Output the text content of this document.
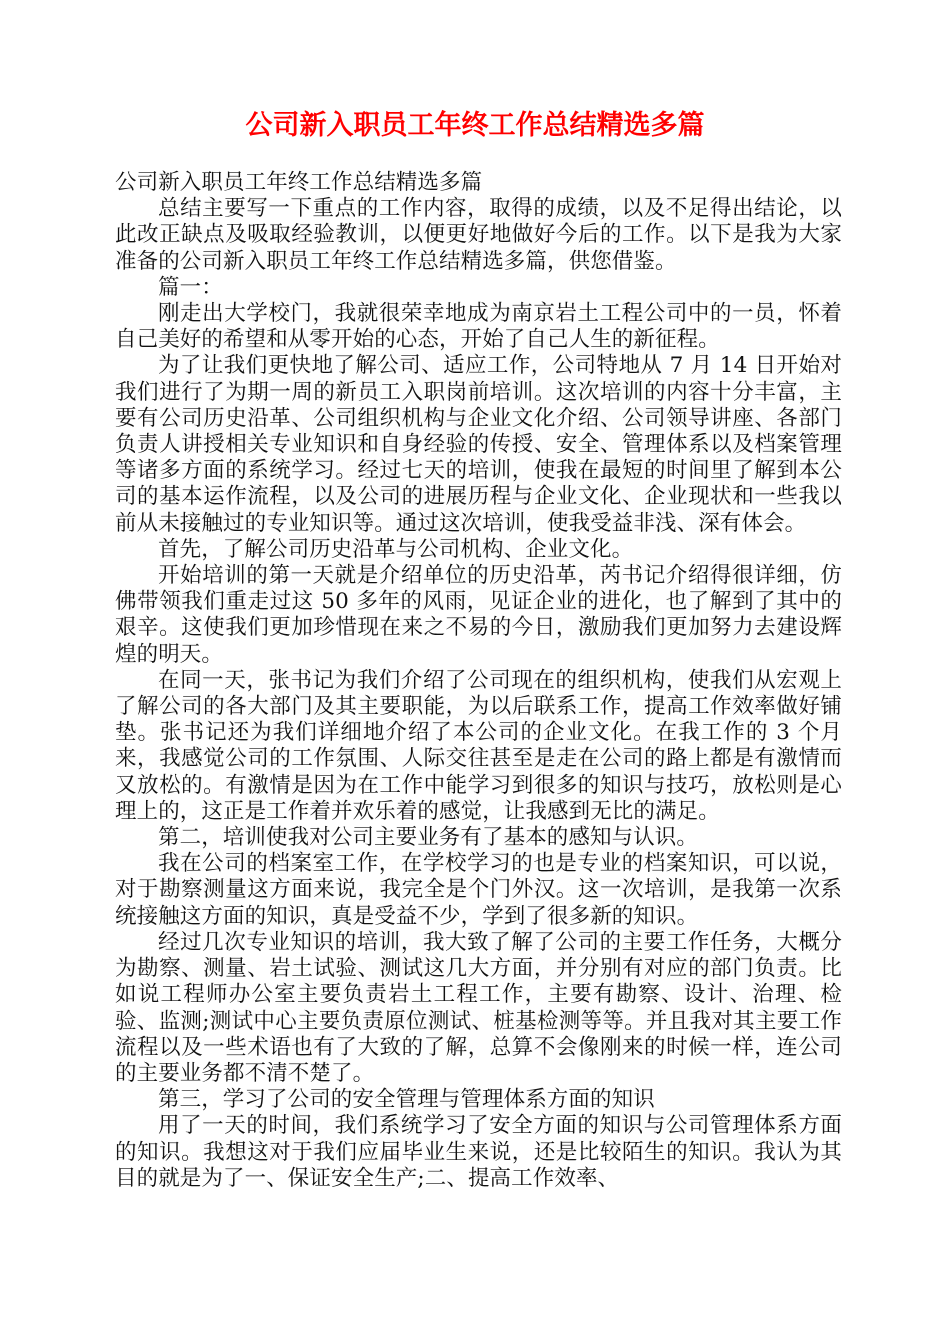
公司新入职员工年终工作总结精选多篇

公司新入职员工年终工作总结精选多篇

总结主要写一下重点的工作内容，取得的成绩，以及不足得出结论，以此改正缺点及吸取经验教训，以便更好地做好今后的工作。以下是我为大家准备的公司新入职员工年终工作总结精选多篇，供您借鉴。

篇一：

刚走出大学校门，我就很荣幸地成为南京岩土工程公司中的一员，怀着自己美好的希望和从零开始的心态，开始了自己人生的新征程。

为了让我们更快地了解公司、适应工作，公司特地从 7 月 14 日开始对我们进行了为期一周的新员工入职岗前培训。这次培训的内容十分丰富，主要有公司历史沿革、公司组织机构与企业文化介绍、公司领导讲座、各部门负责人讲授相关专业知识和自身经验的传授、安全、管理体系以及档案管理等诸多方面的系统学习。经过七天的培训，使我在最短的时间里了解到本公司的基本运作流程，以及公司的进展历程与企业文化、企业现状和一些我以前从未接触过的专业知识等。通过这次培训，使我受益非浅、深有体会。

首先，了解公司历史沿革与公司机构、企业文化。

开始培训的第一天就是介绍单位的历史沿革，芮书记介绍得很详细，仿佛带领我们重走过这 50 多年的风雨，见证企业的进化，也了解到了其中的艰辛。这使我们更加珍惜现在来之不易的今日，激励我们更加努力去建设辉煌的明天。

在同一天，张书记为我们介绍了公司现在的组织机构，使我们从宏观上了解公司的各大部门及其主要职能，为以后联系工作，提高工作效率做好铺垫。张书记还为我们详细地介绍了本公司的企业文化。在我工作的 3 个月来，我感觉公司的工作氛围、人际交往甚至是走在公司的路上都是有激情而又放松的。有激情是因为在工作中能学习到很多的知识与技巧，放松则是心理上的，这正是工作着并欢乐着的感觉，让我感到无比的满足。

第二，培训使我对公司主要业务有了基本的感知与认识。

我在公司的档案室工作，在学校学习的也是专业的档案知识，可以说，对于勘察测量这方面来说，我完全是个门外汉。这一次培训，是我第一次系统接触这方面的知识，真是受益不少，学到了很多新的知识。

经过几次专业知识的培训，我大致了解了公司的主要工作任务，大概分为勘察、测量、岩土试验、测试这几大方面，并分别有对应的部门负责。比如说工程师办公室主要负责岩土工程工作，主要有勘察、设计、治理、检验、监测;测试中心主要负责原位测试、桩基检测等等。并且我对其主要工作流程以及一些术语也有了大致的了解，总算不会像刚来的时候一样，连公司的主要业务都不清不楚了。

第三，学习了公司的安全管理与管理体系方面的知识

用了一天的时间，我们系统学习了安全方面的知识与公司管理体系方面的知识。我想这对于我们应届毕业生来说，还是比较陌生的知识。我认为其目的就是为了一、保证安全生产;二、提高工作效率、
